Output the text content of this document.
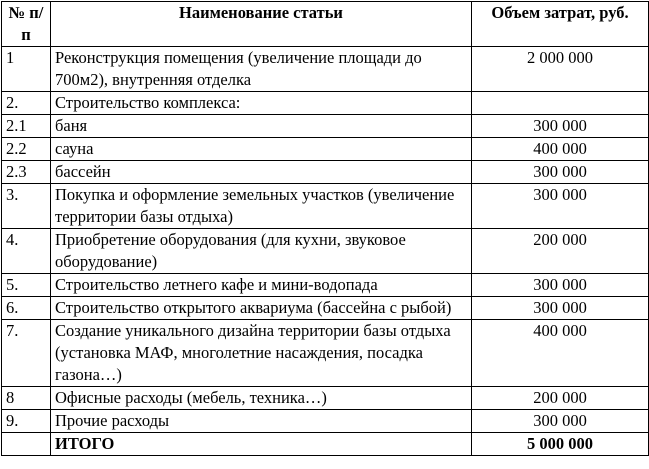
№ п/п	Наименование статьи	Объем затрат, руб.
1	Реконструкция помещения (увеличение площади до 700м2), внутренняя отделка	2 000 000
2.	Строительство комплекса:	
2.1	баня	300 000
2.2	сауна	400 000
2.3	бассейн	300 000
3.	Покупка и оформление земельных участков (увеличение территории базы отдыха)	300 000
4.	Приобретение оборудования (для кухни, звуковое оборудование)	200 000
5.	Строительство летнего кафе и мини-водопада	300 000
6.	Строительство открытого аквариума (бассейна с рыбой)	300 000
7.	Создание уникального дизайна территории базы отдыха (установка МАФ, многолетние насаждения, посадка газона…)	400 000
8	Офисные расходы (мебель, техника…)	200 000
9.	Прочие расходы	300 000
	ИТОГО	5 000 000
